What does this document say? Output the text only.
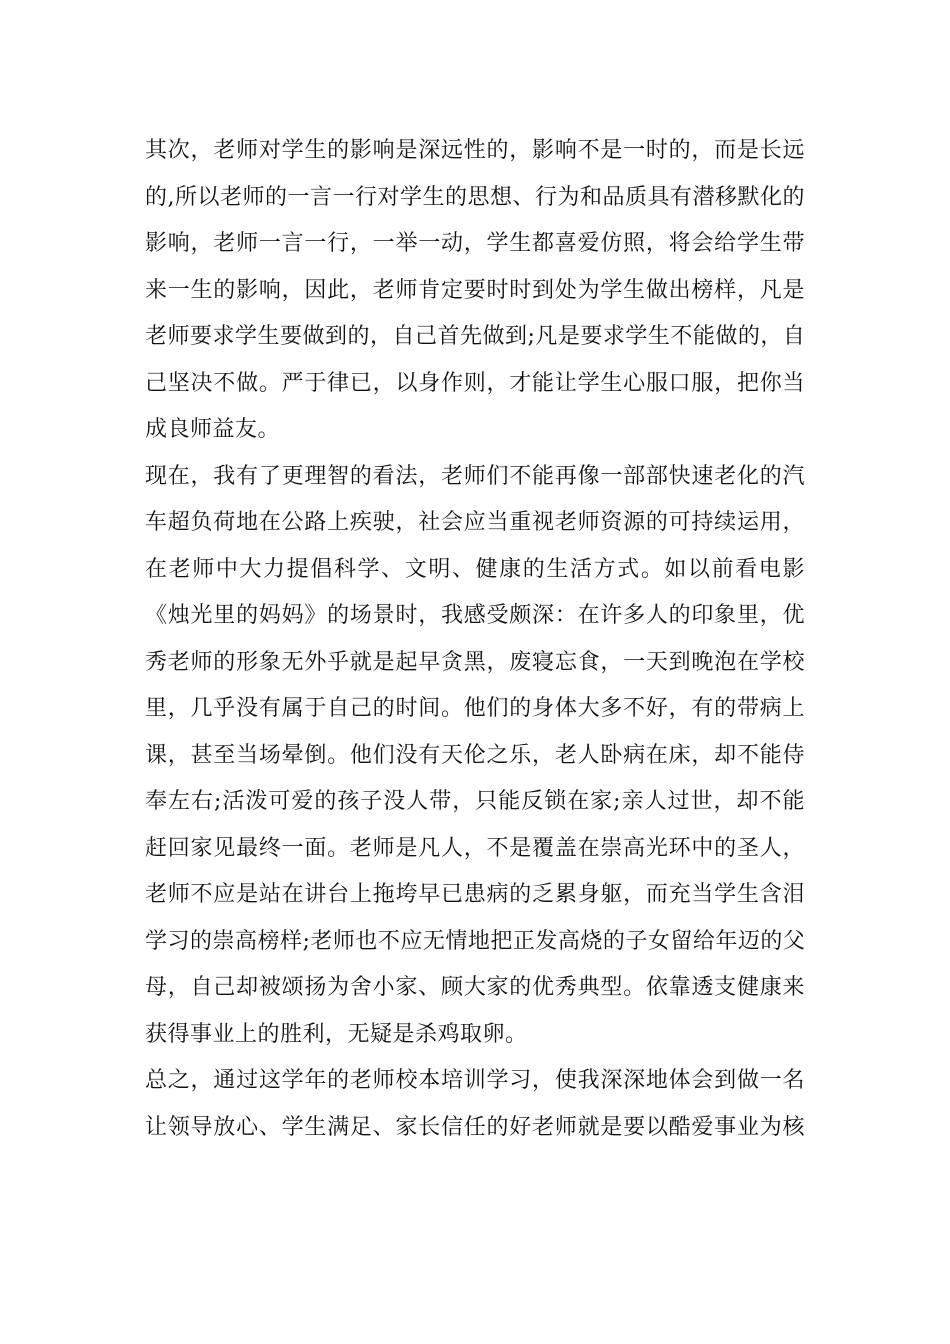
其次，老师对学生的影响是深远性的，影响不是一时的，而是长远
的,所以老师的一言一行对学生的思想、行为和品质具有潜移默化的
影响，老师一言一行，一举一动，学生都喜爱仿照，将会给学生带
来一生的影响，因此，老师肯定要时时到处为学生做出榜样，凡是
老师要求学生要做到的，自己首先做到;凡是要求学生不能做的，自
己坚决不做。严于律已，以身作则，才能让学生心服口服，把你当
成良师益友。

现在，我有了更理智的看法，老师们不能再像一部部快速老化的汽
车超负荷地在公路上疾驶，社会应当重视老师资源的可持续运用，
在老师中大力提倡科学、文明、健康的生活方式。如以前看电影
《烛光里的妈妈》的场景时，我感受颇深：在许多人的印象里，优
秀老师的形象无外乎就是起早贪黑，废寝忘食，一天到晚泡在学校
里，几乎没有属于自己的时间。他们的身体大多不好，有的带病上
课，甚至当场晕倒。他们没有天伦之乐，老人卧病在床，却不能侍
奉左右;活泼可爱的孩子没人带，只能反锁在家;亲人过世，却不能
赶回家见最终一面。老师是凡人，不是覆盖在崇高光环中的圣人，
老师不应是站在讲台上拖垮早已患病的乏累身躯，而充当学生含泪
学习的崇高榜样;老师也不应无情地把正发高烧的子女留给年迈的父
母，自己却被颂扬为舍小家、顾大家的优秀典型。依靠透支健康来
获得事业上的胜利，无疑是杀鸡取卵。

总之，通过这学年的老师校本培训学习，使我深深地体会到做一名
让领导放心、学生满足、家长信任的好老师就是要以酷爱事业为核
